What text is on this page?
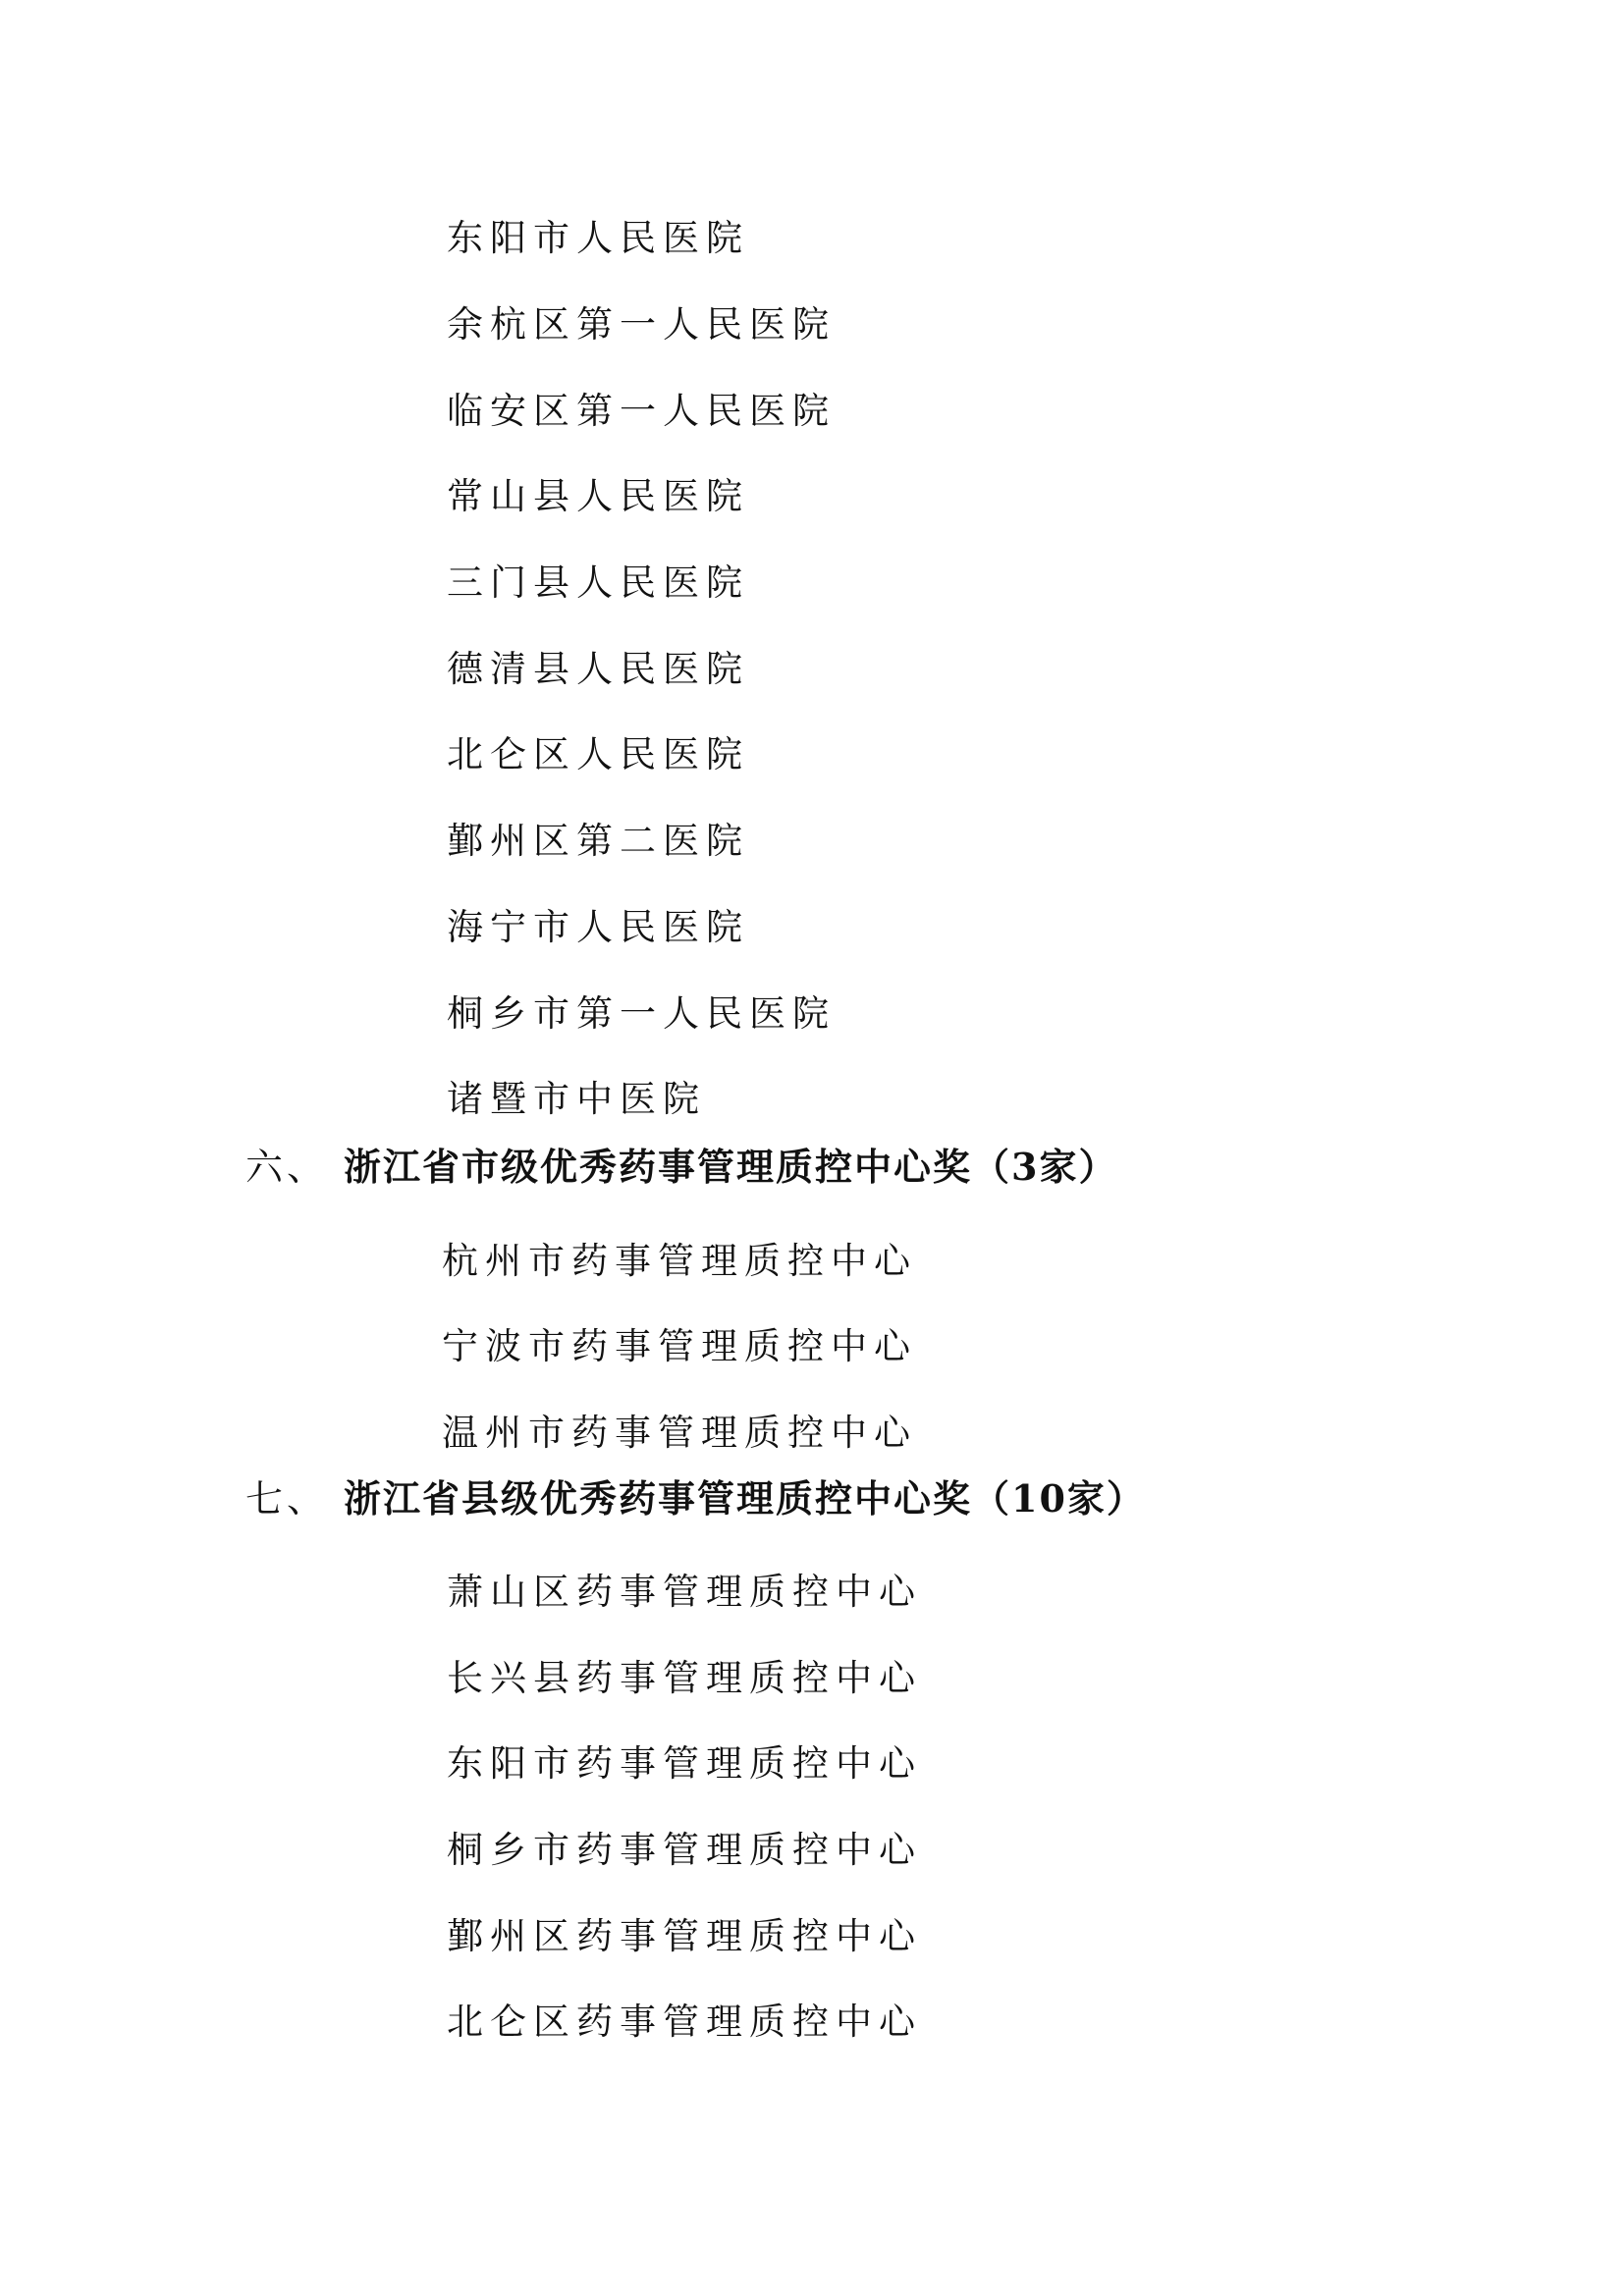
东阳市人民医院
余杭区第一人民医院
临安区第一人民医院
常山县人民医院
三门县人民医院
德清县人民医院
北仑区人民医院
鄞州区第二医院
海宁市人民医院
桐乡市第一人民医院
诸暨市中医院
六、 浙江省市级优秀药事管理质控中心奖（3家）
杭州市药事管理质控中心
宁波市药事管理质控中心
温州市药事管理质控中心
七、 浙江省县级优秀药事管理质控中心奖（10家）
萧山区药事管理质控中心
长兴县药事管理质控中心
东阳市药事管理质控中心
桐乡市药事管理质控中心
鄞州区药事管理质控中心
北仑区药事管理质控中心
